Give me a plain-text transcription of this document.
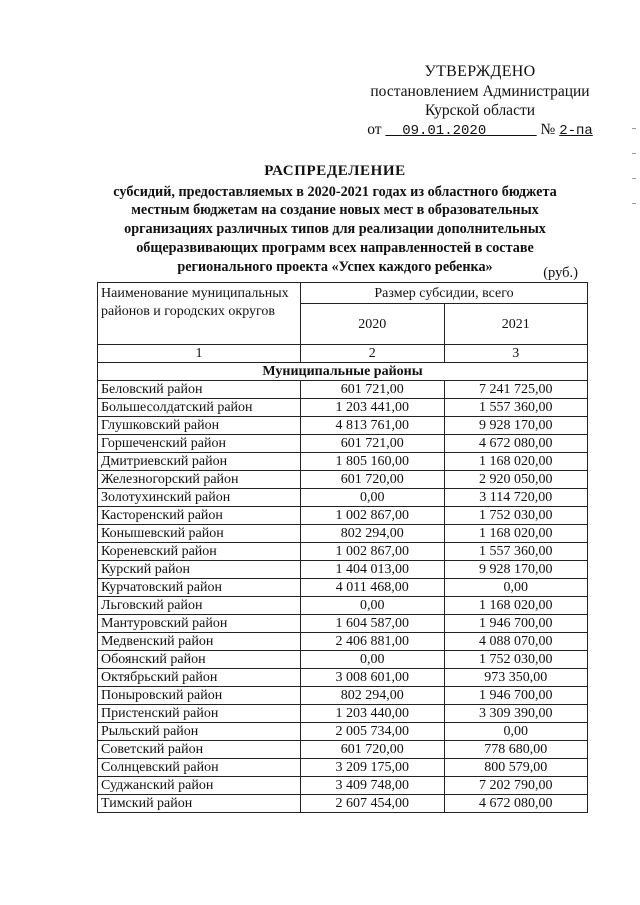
УТВЕРЖДЕНО
постановлением Администрации
Курской области
от 09.01.2020	№ 2-па
РАСПРЕДЕЛЕНИЕ
субсидий, предоставляемых в 2020-2021 годах из областного бюджета
местным бюджетам на создание новых мест в образовательных
организациях различных типов для реализации дополнительных
общеразвивающих программ всех направленностей в составе
регионального проекта «Успех каждого ребенка»	(руб.)
Наименование муниципальных районов и городских округов	Размер субсидии, всего	
	2020	2021
1	2	3
Муниципальные районы		
Беловский район	601 721,00	7 241 725,00
Большесолдатский район	1 203 441,00	1 557 360,00
Глушковский район	4 813 761,00	9 928 170,00
Горшеченский район	601 721,00	4 672 080,00
Дмитриевский район	1 805 160,00	1 168 020,00
Железногорский район	601 720,00	2 920 050,00
Золотухинский район	0,00	3 114 720,00
Касторенский район	1 002 867,00	1 752 030,00
Конышевский район	802 294,00	1 168 020,00
Кореневский район	1 002 867,00	1 557 360,00
Курский район	1 404 013,00	9 928 170,00
Курчатовский район	4 011 468,00	0,00
Льговский район	0,00	1 168 020,00
Мантуровский район	1 604 587,00	1 946 700,00
Медвенский район	2 406 881,00	4 088 070,00
Обоянский район	0,00	1 752 030,00
Октябрьский район	3 008 601,00	973 350,00
Поныровский район	802 294,00	1 946 700,00
Пристенский район	1 203 440,00	3 309 390,00
Рыльский район	2 005 734,00	0,00
Советский район	601 720,00	778 680,00
Солнцевский район	3 209 175,00	800 579,00
Суджанский район	3 409 748,00	7 202 790,00
Тимский район	2 607 454,00	4 672 080,00
